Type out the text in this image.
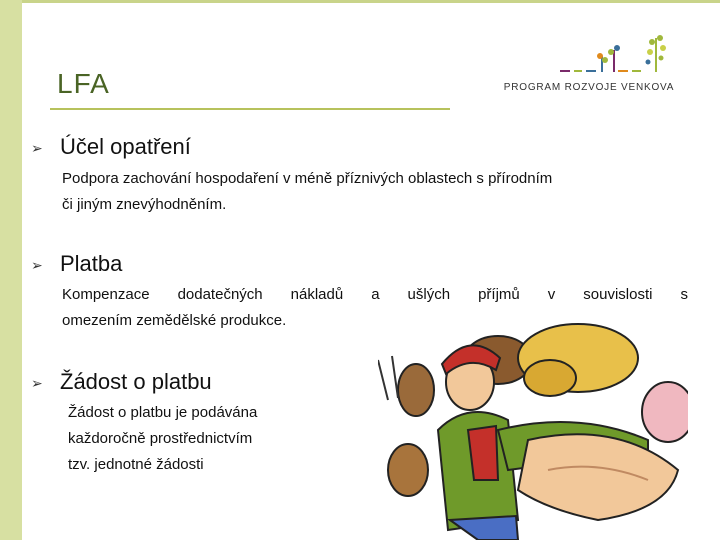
LFA	PROGRAM ROZVOJE VENKOVA
➢ Účel opatření
Podpora zachování hospodaření v méně příznivých oblastech s přírodním
či jiným znevýhodněním.
➢ Platba
Kompenzace dodatečných nákladů a ušlých příjmů v souvislosti s
omezením zemědělské produkce.
➢ Žádost o platbu
Žádost o platbu je podávána
každoročně prostřednictvím
tzv. jednotné žádosti
